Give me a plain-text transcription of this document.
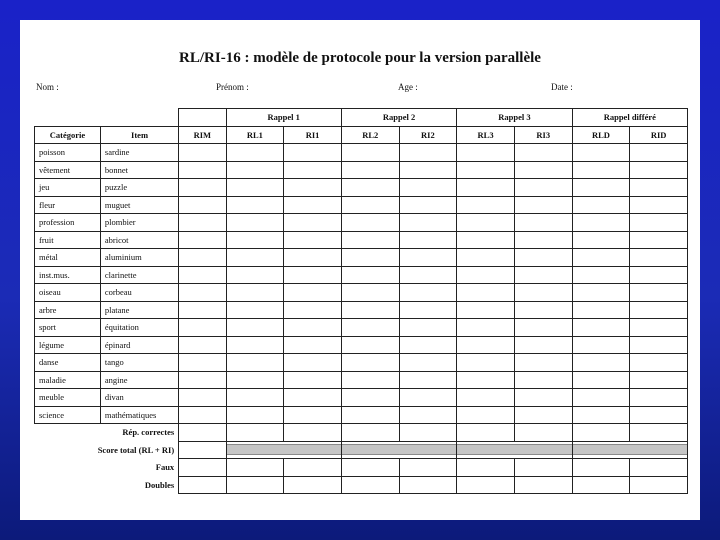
RL/RI-16 : modèle de protocole pour la version parallèle
Nom :	Prénom :	Age :	Date :
			Rappel 1		Rappel 2		Rappel 3		Rappel différé	
Catégorie	Item	RIM	RL1	RI1	RL2	RI2	RL3	RI3	RLD	RID
poisson	sardine									
vêtement	bonnet									
jeu	puzzle									
fleur	muguet									
profession	plombier									
fruit	abricot									
métal	aluminium									
inst.mus.	clarinette									
oiseau	corbeau									
arbre	platane									
sport	équitation									
légume	épinard									
danse	tango									
maladie	angine									
meuble	divan									
science	mathématiques									
Rép. correctes										
Score total (RL + RI)							

Faux										
Doubles										
